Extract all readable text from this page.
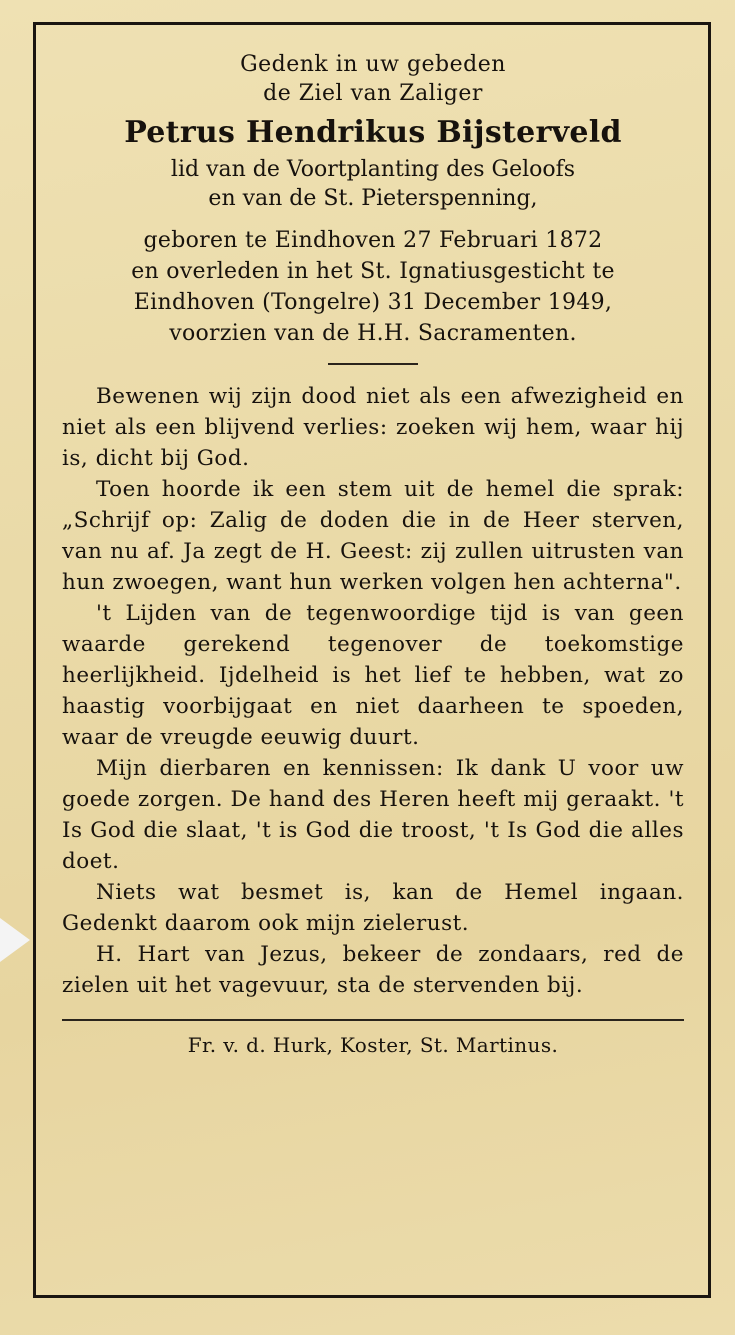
Gedenk in uw gebeden
de Ziel van Zaliger
Petrus Hendrikus Bijsterveld
lid van de Voortplanting des Geloofs
en van de St. Pieterspenning,
geboren te Eindhoven 27 Februari 1872
en overleden in het St. Ignatiusgesticht te
Eindhoven (Tongelre) 31 December 1949,
voorzien van de H.H. Sacramenten.

Bewenen wij zijn dood niet als een afwezigheid en niet als een blijvend verlies: zoeken wij hem, waar hij is, dicht bij God.

Toen hoorde ik een stem uit de hemel die sprak: „Schrijf op: Zalig de doden die in de Heer sterven, van nu af. Ja zegt de H. Geest: zij zullen uitrusten van hun zwoegen, want hun werken volgen hen achterna".

't Lijden van de tegenwoordige tijd is van geen waarde gerekend tegenover de toekomstige heerlijkheid. Ijdelheid is het lief te hebben, wat zo haastig voorbijgaat en niet daarheen te spoeden, waar de vreugde eeuwig duurt.

Mijn dierbaren en kennissen: Ik dank U voor uw goede zorgen. De hand des Heren heeft mij geraakt. 't Is God die slaat, 't is God die troost, 't Is God die alles doet.

Niets wat besmet is, kan de Hemel ingaan. Gedenkt daarom ook mijn zielerust.

H. Hart van Jezus, bekeer de zondaars, red de zielen uit het vagevuur, sta de stervenden bij.

Fr. v. d. Hurk, Koster, St. Martinus.
